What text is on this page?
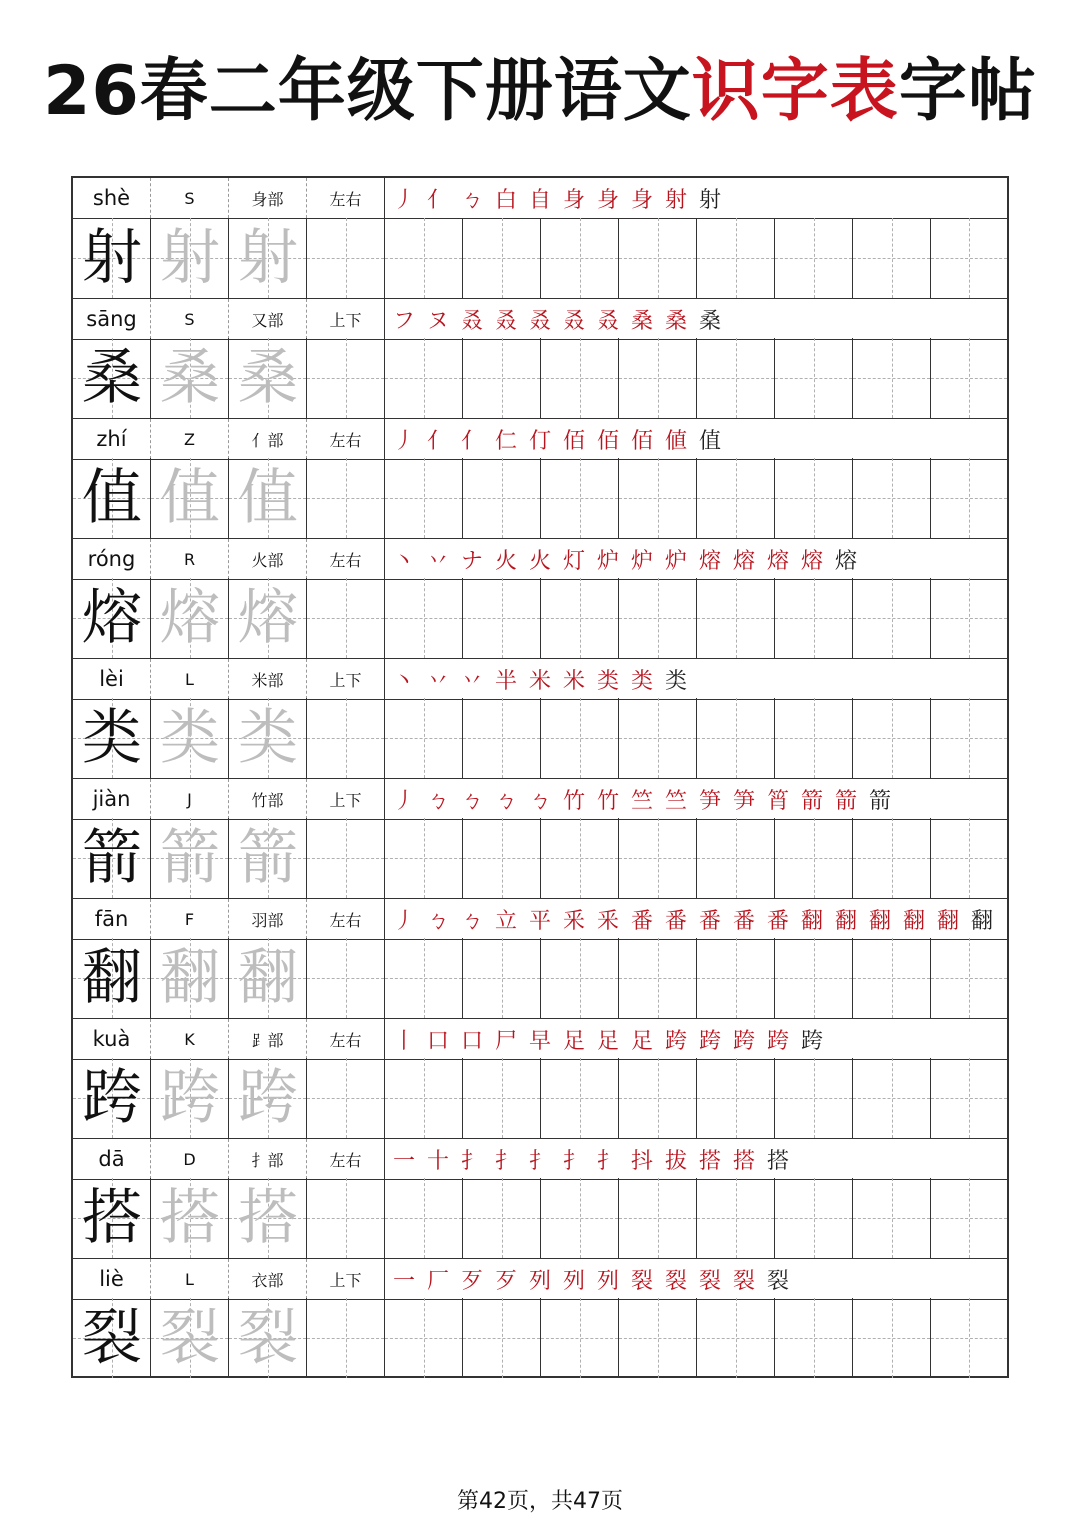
26春二年级下册语文识字表字帖
shè	S	身部	左右	丿 亻 ㄅ 白 自 身 身 身 射 射
射 射 射
sāng	S	又部	上下	フ ヌ 叒 叒 叒 叒 叒 桑 桑 桑
桑 桑 桑
zhí	Z	亻部	左右	丿 亻 亻 仁 仃 佰 佰 佰 値 值
值 值 值
róng	R	火部	左右	丶 丷 ナ 火 火 灯 炉 炉 炉 熔 熔 熔 熔 熔
熔 熔 熔
lèi	L	米部	上下	丶 丷 丷 半 米 米 类 类 类
类 类 类
jiàn	J	竹部	上下	丿 ㄅ ㄅ ㄅ ㄅ 竹 竹 竺 竺 笋 笋 筲 箭 箭 箭
箭 箭 箭
fān	F	羽部	左右	丿 ㄅ ㄅ 立 平 釆 釆 番 番 番 番 番 翻 翻 翻 翻 翻 翻
翻 翻 翻
kuà	K	⻊部	左右	丨 口 口 尸 早 足 足 足 跨 跨 跨 跨 跨
跨 跨 跨
dā	D	扌部	左右	一 十 扌 扌 扌 扌 扌 抖 拔 搭 搭 搭
搭 搭 搭
liè	L	衣部	上下	一 厂 歹 歹 列 列 列 裂 裂 裂 裂 裂
裂 裂 裂
第42页，共47页
